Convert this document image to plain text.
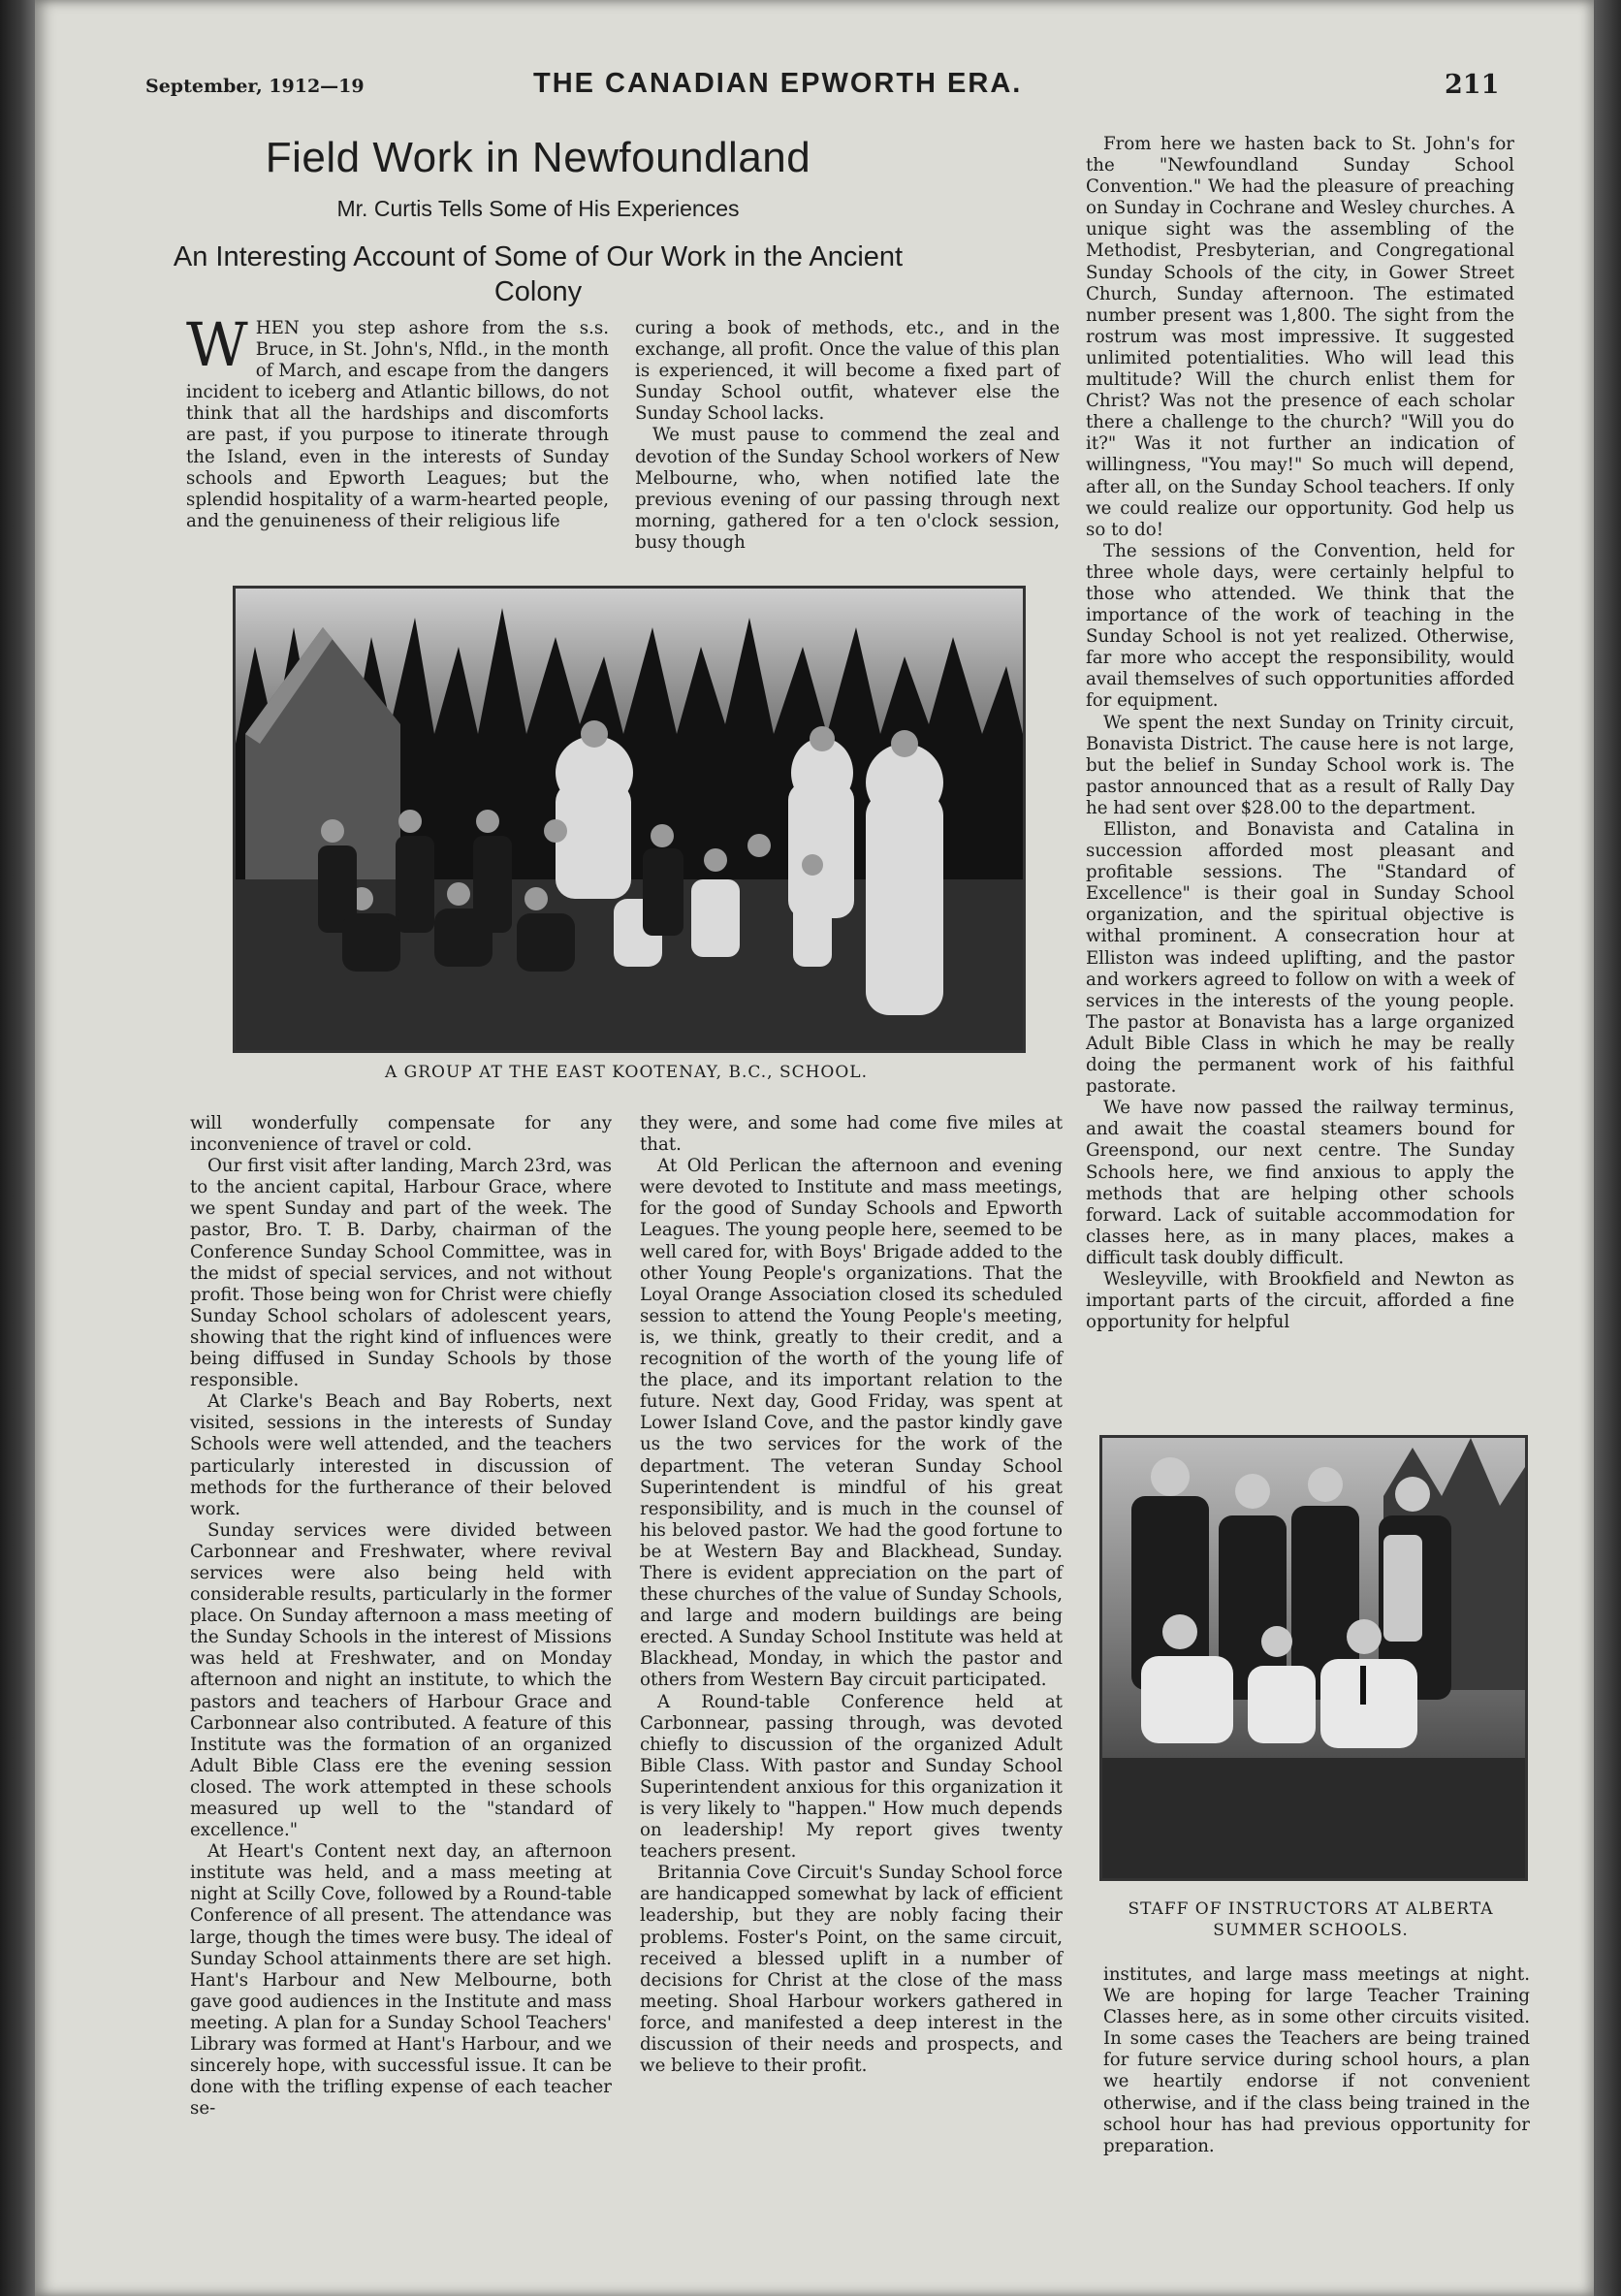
September, 1912—19	THE CANADIAN EPWORTH ERA.	211
Field Work in Newfoundland
Mr. Curtis Tells Some of His Experiences
An Interesting Account of Some of Our Work in the Ancient Colony

WHEN you step ashore from the s.s. Bruce, in St. John's, Nfld., in the month of March, and escape from the dangers incident to iceberg and Atlantic billows, do not think that all the hardships and discomforts are past, if you purpose to itinerate through the Island, even in the interests of Sunday schools and Epworth Leagues; but the splendid hospitality of a warm-hearted people, and the genuineness of their religious life

curing a book of methods, etc., and in the exchange, all profit. Once the value of this plan is experienced, it will become a fixed part of Sunday School outfit, whatever else the Sunday School lacks.

We must pause to commend the zeal and devotion of the Sunday School workers of New Melbourne, who, when notified late the previous evening of our passing through next morning, gathered for a ten o'clock session, busy though

A GROUP AT THE EAST KOOTENAY, B.C., SCHOOL.

will wonderfully compensate for any inconvenience of travel or cold.

Our first visit after landing, March 23rd, was to the ancient capital, Harbour Grace, where we spent Sunday and part of the week. The pastor, Bro. T. B. Darby, chairman of the Conference Sunday School Committee, was in the midst of special services, and not without profit. Those being won for Christ were chiefly Sunday School scholars of adolescent years, showing that the right kind of influences were being diffused in Sunday Schools by those responsible.

At Clarke's Beach and Bay Roberts, next visited, sessions in the interests of Sunday Schools were well attended, and the teachers particularly interested in discussion of methods for the furtherance of their beloved work.

Sunday services were divided between Carbonnear and Freshwater, where revival services were also being held with considerable results, particularly in the former place. On Sunday afternoon a mass meeting of the Sunday Schools in the interest of Missions was held at Freshwater, and on Monday afternoon and night an institute, to which the pastors and teachers of Harbour Grace and Carbonnear also contributed. A feature of this Institute was the formation of an organized Adult Bible Class ere the evening session closed. The work attempted in these schools measured up well to the "standard of excellence."

At Heart's Content next day, an afternoon institute was held, and a mass meeting at night at Scilly Cove, followed by a Round-table Conference of all present. The attendance was large, though the times were busy. The ideal of Sunday School attainments there are set high. Hant's Harbour and New Melbourne, both gave good audiences in the Institute and mass meeting. A plan for a Sunday School Teachers' Library was formed at Hant's Harbour, and we sincerely hope, with successful issue. It can be done with the trifling expense of each teacher se-

they were, and some had come five miles at that.

At Old Perlican the afternoon and evening were devoted to Institute and mass meetings, for the good of Sunday Schools and Epworth Leagues. The young people here, seemed to be well cared for, with Boys' Brigade added to the other Young People's organizations. That the Loyal Orange Association closed its scheduled session to attend the Young People's meeting, is, we think, greatly to their credit, and a recognition of the worth of the young life of the place, and its important relation to the future. Next day, Good Friday, was spent at Lower Island Cove, and the pastor kindly gave us the two services for the work of the department. The veteran Sunday School Superintendent is mindful of his great responsibility, and is much in the counsel of his beloved pastor. We had the good fortune to be at Western Bay and Blackhead, Sunday. There is evident appreciation on the part of these churches of the value of Sunday Schools, and large and modern buildings are being erected. A Sunday School Institute was held at Blackhead, Monday, in which the pastor and others from Western Bay circuit participated.

A Round-table Conference held at Carbonnear, passing through, was devoted chiefly to discussion of the organized Adult Bible Class. With pastor and Sunday School Superintendent anxious for this organization it is very likely to "happen." How much depends on leadership! My report gives twenty teachers present.

Britannia Cove Circuit's Sunday School force are handicapped somewhat by lack of efficient leadership, but they are nobly facing their problems. Foster's Point, on the same circuit, received a blessed uplift in a number of decisions for Christ at the close of the mass meeting. Shoal Harbour workers gathered in force, and manifested a deep interest in the discussion of their needs and prospects, and we believe to their profit.

From here we hasten back to St. John's for the "Newfoundland Sunday School Convention." We had the pleasure of preaching on Sunday in Cochrane and Wesley churches. A unique sight was the assembling of the Methodist, Presbyterian, and Congregational Sunday Schools of the city, in Gower Street Church, Sunday afternoon. The estimated number present was 1,800. The sight from the rostrum was most impressive. It suggested unlimited potentialities. Who will lead this multitude? Will the church enlist them for Christ? Was not the presence of each scholar there a challenge to the church? "Will you do it?" Was it not further an indication of willingness, "You may!" So much will depend, after all, on the Sunday School teachers. If only we could realize our opportunity. God help us so to do!

The sessions of the Convention, held for three whole days, were certainly helpful to those who attended. We think that the importance of the work of teaching in the Sunday School is not yet realized. Otherwise, far more who accept the responsibility, would avail themselves of such opportunities afforded for equipment.

We spent the next Sunday on Trinity circuit, Bonavista District. The cause here is not large, but the belief in Sunday School work is. The pastor announced that as a result of Rally Day he had sent over $28.00 to the department.

Elliston, and Bonavista and Catalina in succession afforded most pleasant and profitable sessions. The "Standard of Excellence" is their goal in Sunday School organization, and the spiritual objective is withal prominent. A consecration hour at Elliston was indeed uplifting, and the pastor and workers agreed to follow on with a week of services in the interests of the young people. The pastor at Bonavista has a large organized Adult Bible Class in which he may be really doing the permanent work of his faithful pastorate.

We have now passed the railway terminus, and await the coastal steamers bound for Greenspond, our next centre. The Sunday Schools here, we find anxious to apply the methods that are helping other schools forward. Lack of suitable accommodation for classes here, as in many places, makes a difficult task doubly difficult.

Wesleyville, with Brookfield and Newton as important parts of the circuit, afforded a fine opportunity for helpful

STAFF OF INSTRUCTORS AT ALBERTA SUMMER SCHOOLS.

institutes, and large mass meetings at night. We are hoping for large Teacher Training Classes here, as in some other circuits visited. In some cases the Teachers are being trained for future service during school hours, a plan we heartily endorse if not convenient otherwise, and if the class being trained in the school hour has had previous opportunity for preparation.
